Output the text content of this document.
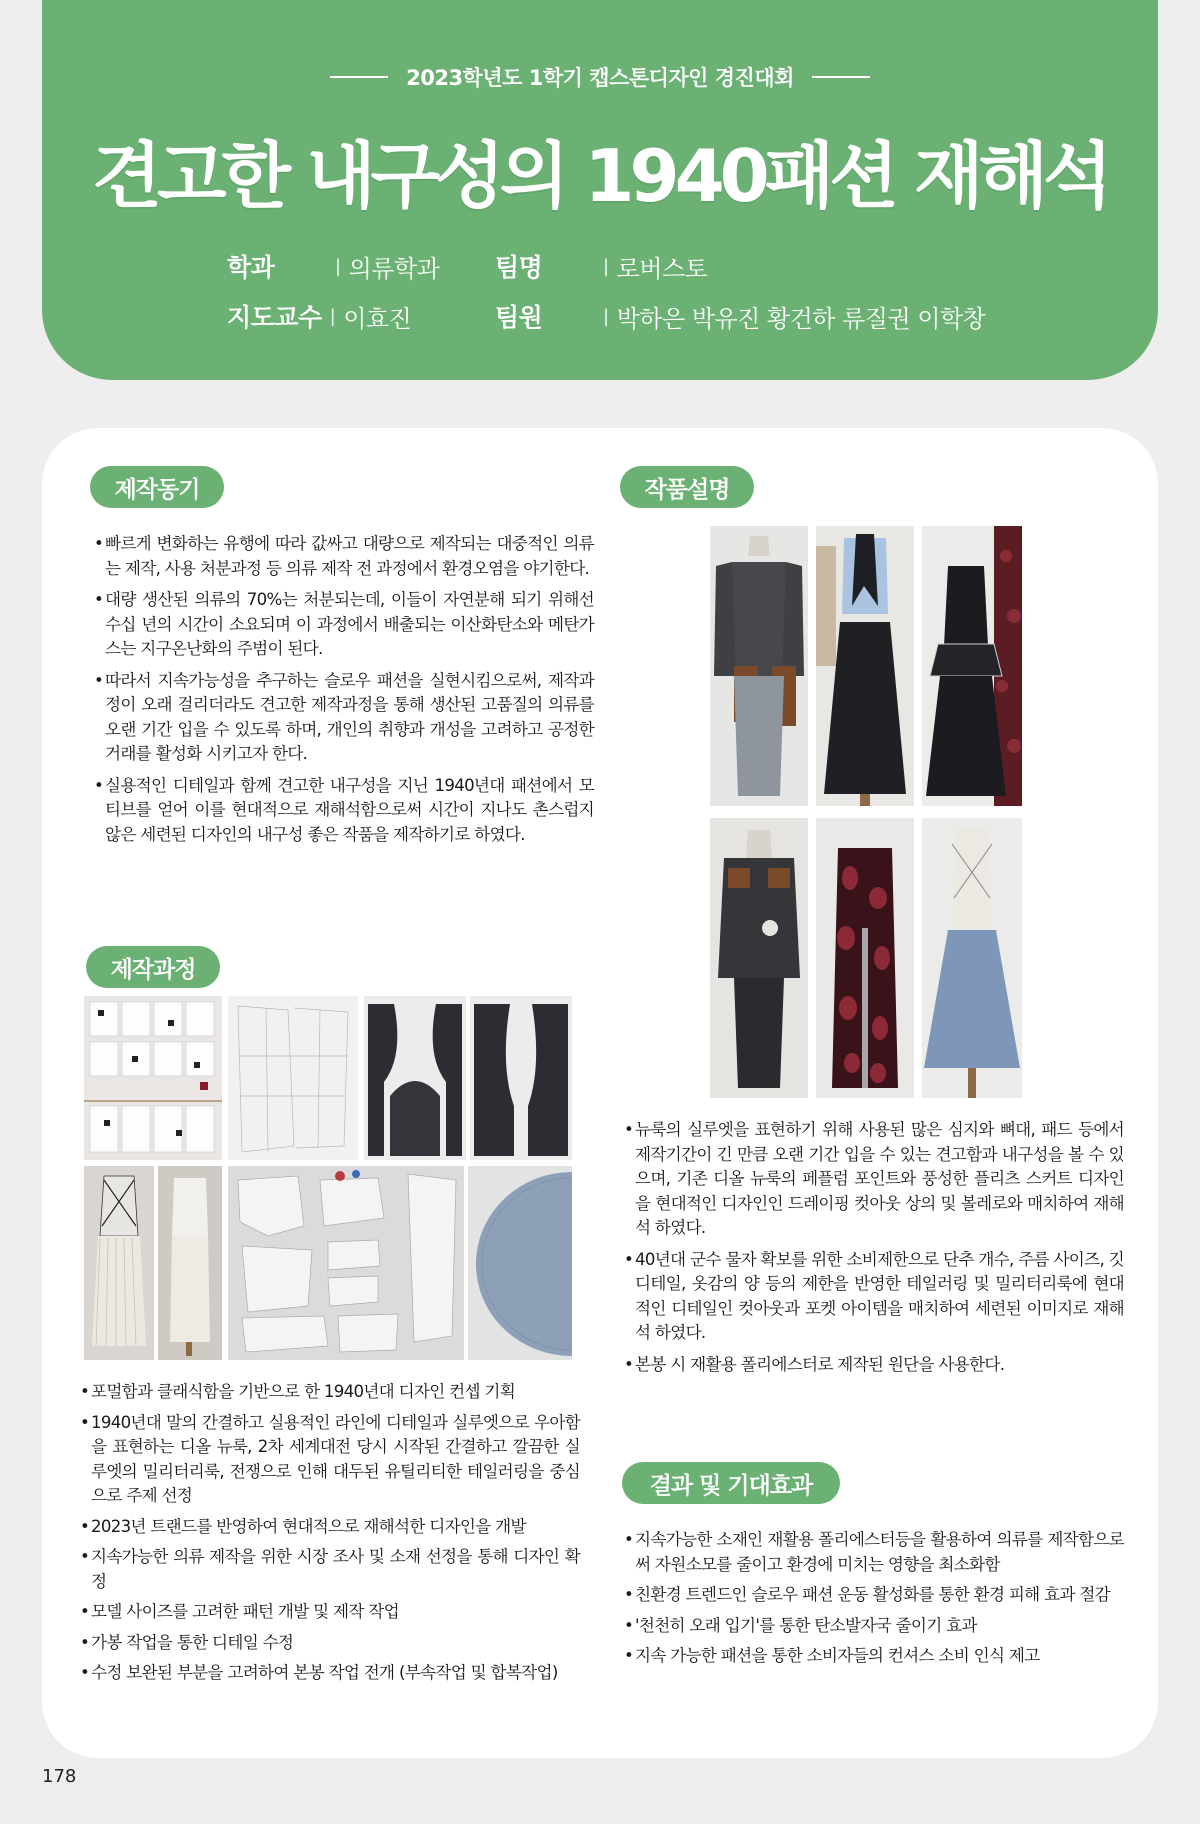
2023학년도 1학기 캡스톤디자인 경진대회
견고한 내구성의 1940패션 재해석
학과	| 의류학과 팀명	| 로버스토
지도교수 | 이효진	팀원	| 박하은 박유진 황건하 류질권 이학창
제작동기
• 빠르게 변화하는 유행에 따라 값싸고 대량으로 제작되는 대중적인 의류는 제작, 사용 처분과정 등 의류 제작 전 과정에서 환경오염을 야기한다.
• 대량 생산된 의류의 70%는 처분되는데, 이들이 자연분해 되기 위해선 수십 년의 시간이 소요되며 이 과정에서 배출되는 이산화탄소와 메탄가스는 지구온난화의 주범이 된다.
• 따라서 지속가능성을 추구하는 슬로우 패션을 실현시킴으로써, 제작과정이 오래 걸리더라도 견고한 제작과정을 통해 생산된 고품질의 의류를 오랜 기간 입을 수 있도록 하며, 개인의 취향과 개성을 고려하고 공정한 거래를 활성화 시키고자 한다.
• 실용적인 디테일과 함께 견고한 내구성을 지닌 1940년대 패션에서 모티브를 얻어 이를 현대적으로 재해석함으로써 시간이 지나도 촌스럽지 않은 세련된 디자인의 내구성 좋은 작품을 제작하기로 하였다.
제작과정
• 포멀함과 클래식함을 기반으로 한 1940년대 디자인 컨셉 기획
• 1940년대 말의 간결하고 실용적인 라인에 디테일과 실루엣으로 우아함을 표현하는 디올 뉴룩, 2차 세계대전 당시 시작된 간결하고 깔끔한 실루엣의 밀리터리룩, 전쟁으로 인해 대두된 유틸리티한 테일러링을 중심으로 주제 선정
• 2023년 트랜드를 반영하여 현대적으로 재해석한 디자인을 개발
• 지속가능한 의류 제작을 위한 시장 조사 및 소재 선정을 통해 디자인 확정
• 모델 사이즈를 고려한 패턴 개발 및 제작 작업
• 가봉 작업을 통한 디테일 수정
• 수정 보완된 부분을 고려하여 본봉 작업 전개 (부속작업 및 합복작업)
작품설명
• 뉴룩의 실루엣을 표현하기 위해 사용된 많은 심지와 뼈대, 패드 등에서 제작기간이 긴 만큼 오랜 기간 입을 수 있는 견고함과 내구성을 볼 수 있으며, 기존 디올 뉴룩의 페플럼 포인트와 풍성한 플리츠 스커트 디자인을 현대적인 디자인인 드레이핑 컷아웃 상의 및 볼레로와 매치하여 재해석 하였다.
• 40년대 군수 물자 확보를 위한 소비제한으로 단추 개수, 주름 사이즈, 깃 디테일, 옷감의 양 등의 제한을 반영한 테일러링 및 밀리터리룩에 현대적인 디테일인 컷아웃과 포켓 아이템을 매치하여 세련된 이미지로 재해석 하였다.
• 본봉 시 재활용 폴리에스터로 제작된 원단을 사용한다.
결과 및 기대효과
• 지속가능한 소재인 재활용 폴리에스터등을 활용하여 의류를 제작함으로써 자원소모를 줄이고 환경에 미치는 영향을 최소화함
• 친환경 트렌드인 슬로우 패션 운동 활성화를 통한 환경 피해 효과 절감
• '천천히 오래 입기'를 통한 탄소발자국 줄이기 효과
• 지속 가능한 패션을 통한 소비자들의 컨셔스 소비 인식 제고
178
